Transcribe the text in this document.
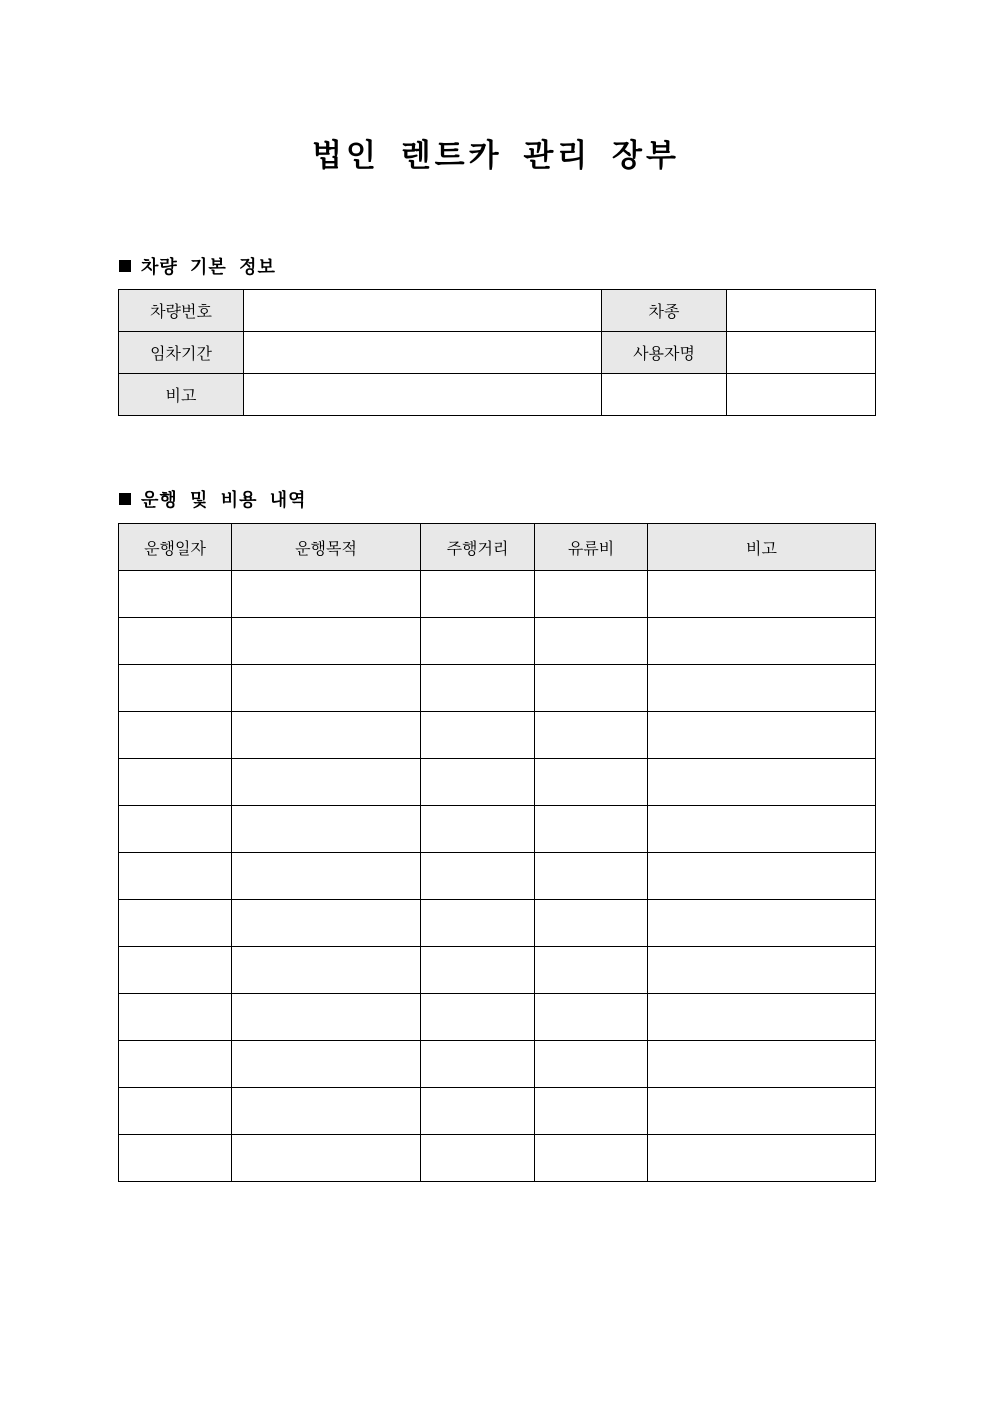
법인 렌트카 관리 장부
차량 기본 정보
차량번호		차종	
임차기간		사용자명	
비고			
운행 및 비용 내역
운행일자	운행목적	주행거리	유류비	비고
